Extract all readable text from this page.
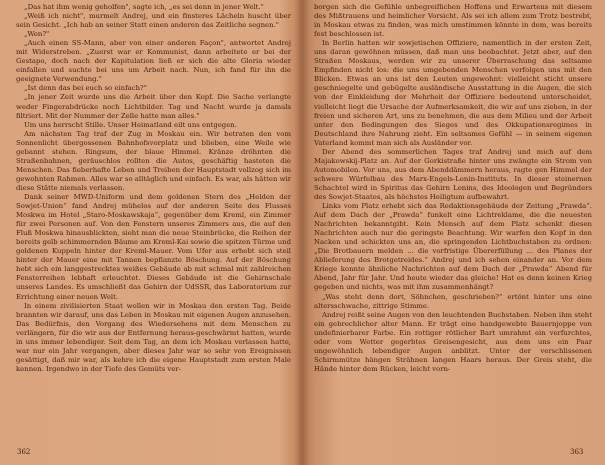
„Das hat ihm wenig geholfen", sagte ich, „es sei denn in jener Welt."

„Weiß ich nicht", murmelt Andrej, und ein finsteres Lächeln huscht über sein Gesicht. „Ich hab an seiner Statt einen anderen das Zeitliche segnen."

„Wen?"

„Auch einen SS-Mann, aber von einer anderen Façon", antwortet Andrej mit Widerstreben. „Zuerst war er Kommunist, dann arbeitete er bei der Gestapo, doch nach der Kapitulation ließ er sich die alte Gloria wieder einfallen und suchte bei uns um Arbeit nach. Nun, ich fand für ihn die geeignete Verwendung."

„Ist denn das bei euch so einfach?"

„In jener Zeit wurde uns die Arbeit über den Kopf. Die Sache verlangte weder Fingerabdrücke noch Lichtbilder. Tag und Nacht wurde ja damals filtriert. Mit der Nummer der Zelle hatte man alles."

Um uns herrscht Stille. Unser Heimatland eilt uns entgegen.

Am nächsten Tag traf der Zug in Moskau ein. Wir betraten den vom Sonnenlicht übergossenen Bahnhofsvorplatz und blieben, eine Weile wie gebannt stehen. Ringsum, der blaue Himmel. Kränze dröhnten die Straßenbahnen, geräuschlos rollten die Autos, geschäftig hasteten die Menschen. Das fieberhafte Leben und Treiben der Hauptstadt vollzog sich im gewohnten Rahmen. Alles war so alltäglich und einfach. Es war, als hätten wir diese Stätte niemals verlassen.

Dank seiner MWD-Uniform und dem goldenen Stern des „Helden der Sowjet-Union“ fand Andrej mühelos auf der anderen Seite des Flusses Moskwa im Hotel „Staro-Moskawskaja“, gegenüber dem Kreml, ein Zimmer für zwei Personen auf. Von den Fenstern unseres Zimmers aus, die auf den Fluß Moskwa hinausblickten, sieht man die neue Steinbrücke, die Reihen der bereits gelb schimmernden Bäume am Kreml-Kai sowie die spitzen Türme und goldenen Kuppeln hinter der Kreml-Mauer. Vom Ufer aus erhebt sich steil hinter der Mauer eine mit Tannen bepflanzte Böschung. Auf der Böschung hebt sich ein langgestrecktes weißes Gebäude ab mit schmal mit zahlreichen Fensterreihen lebhaft erleuchtet. Dieses Gebäude ist die Gehirnschale unseres Landes. Es umschließt das Gehirn der UdSSR, das Laboratorium zur Errichtung einer neuen Welt.

In einem zivilisierten Staat wollen wir in Moskau den ersten Tag. Beide brannten wir darauf, uns das Leben in Moskau mit eigenen Augen anzusehen. Das Bedürfnis, den Vorgang des Wiedersehens mit dem Menschen zu verlängern, für die wir aus der Entfernung heraus-geschwärmt hatten, wurde in uns immer lebendiger. Seit dem Tag, an dem ich Moskau verlassen hatte, war nur ein Jahr vergangen, aber dieses Jahr war so sehr von Ereignissen gesättigt, daß mir war, als kehre ich die eigene Hauptstadt zum ersten Male kennen. Irgendwo in der Tiefe des Gemüts ver-

borgen sich die Gefühle unbegreiflichen Hoffens und Erwartens mit diesem des Mißtrauens und heimlicher Vorsicht. Als sei ich allem zum Trotz bestrebt, in Moskau etwas zu finden, was mich umstimmen könnte in dem, was bereits fest beschlossen ist.

In Berlin hatten wir sowjetischen Offiziere, namentlich in der ersten Zeit, uns daran gewöhnen müssen, daß man uns beobachtet. Jetzt aber, auf den Straßen Moskaus, werden wir zu unserer Überraschung das seltsame Empfinden nicht los: die uns umgebenden Menschen verfolgen uns mit den Blicken. Etwas an uns ist den Leuten ungewohnt: vielleicht sticht unsere geschniegelte und gebügelte ausländische Ausstattung in die Augen, die sich von der Einkleidung der Mehrheit der Offiziere bedeutend unterscheidet, vielleicht liegt die Ursache der Aufmerksamkeit, die wir auf uns ziehen, in der freien und sicheren Art, uns zu benehmen, die aus dem Milieu und der Arbeit unter den Bedingungen des Sieges und des Okkupationsregimes in Deutschland ihre Nahrung zieht. Ein seltsames Gefühl — in seinem eigenen Vaterland kommt man sich als Ausländer vor.

Der Abend des sommerlichen Tages traf Andrej und mich auf dem Majakowskij-Platz an. Auf der Gorkistraße hinter uns zwängte ein Strom von Automobilen. Vor uns, aus dem Abenddämmern heraus, ragte gen Himmel der schwere Würfelbau des Marx-Engels-Lenin-Instituts. In dieser steinernen Schachtel wird in Spiritus das Gehirn Lenins, des Ideologen und Begründers des Sowjet-Staates, als höchstes Heiligtum aufbewahrt.

Links vom Platz erhebt sich das Redaktionsgebäude der Zeitung „Prawda“. Auf dem Dach der „Prawda“ funkelt eine Lichtreklame, die die neuesten Nachrichten bekanntgibt. Kein Mensch auf dem Platz schenkt diesen Nachrichten auch nur die geringste Beachtung. Wir warfen den Kopf in den Nacken und schickten uns an, die springenden Lichtbuchstaben zu ordnen: „Die Brotbauern melden ... die vorfristige Übererfüllung ... des Planes der Ablieferung des Brotgetreides.“ Andrej und ich sehen einander an. Vor dem Kriege konnte ähnliche Nachrichten auf dem Dach der „Prawda“ Abend für Abend, Jahr für Jahr. Und heute wieder das gleiche! Hat es denn keinen Krieg gegeben und nichts, was mit ihm zusammenhängt?

„Was steht denn dort, Söhnchen, geschrieben?“ ertönt hinter uns eine altersschwache, zittrige Stimme.

Andrej reißt seine Augen von den leuchtenden Buchstaben. Neben ihm steht ein gebrechlicher alter Mann. Er trägt eine handgewebte Bauernjoppe von undefinierbarer Farbe. Ein rottiger rötlicher Bart umrahmt ein verfurchtes, oder vom Wetter gegerbtes Greisengesicht, aus dem uns ein Paar ungewöhnlich lebendiger Augen anblitzt. Unter der verschlissenen Schirmmütze hängen Strähnen langen Haars heraus. Der Greis steht, die Hände hinter dem Rücken, leicht vorn-

362	363
